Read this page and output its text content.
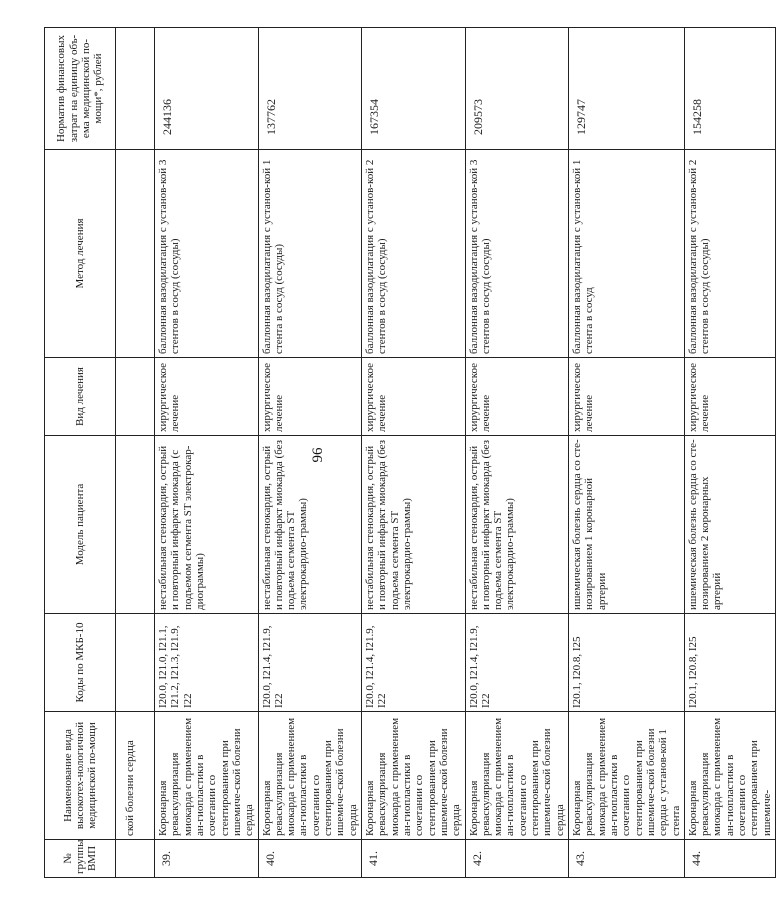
96
№ группы ВМП	Наименование вида высокотех-нологичной медицинской по-мощи	Коды по МКБ-10	Модель пациента	Вид лечения	Метод лечения	Норматив финансовых затрат на единицу объ-ема медицинской по-мощи*, рублей
	ской болезни сердца					
39.	Коронарная реваскуляризация миокарда с применением ан-гиопластики в сочетании со стентированием при ишемиче-ской болезни сердца	I20.0, I21.0, I21.1, I21.2, I21.3, I21.9, I22	нестабильная стенокардия, острый и повторный инфаркт миокарда (с подъемом сегмента ST электрокар-диограммы)	хирургическое лечение	баллонная вазодилатация с установ-кой 3 стентов в сосуд (сосуды)	244136
40.	Коронарная реваскуляризация миокарда с применением ан-гиопластики в сочетании со стентированием при ишемиче-ской болезни сердца	I20.0, I21.4, I21.9, I22	нестабильная стенокардия, острый и повторный инфаркт миокарда (без подъема сегмента ST электрокардио-граммы)	хирургическое лечение	баллонная вазодилатация с установ-кой 1 стента в сосуд (сосуды)	137762
41.	Коронарная реваскуляризация миокарда с применением ан-гиопластики в сочетании со стентированием при ишемиче-ской болезни сердца	I20.0, I21.4, I21.9, I22	нестабильная стенокардия, острый и повторный инфаркт миокарда (без подъема сегмента ST электрокардио-граммы)	хирургическое лечение	баллонная вазодилатация с установ-кой 2 стентов в сосуд (сосуды)	167354
42.	Коронарная реваскуляризация миокарда с применением ан-гиопластики в сочетании со стентированием при ишемиче-ской болезни сердца	I20.0, I21.4, I21.9, I22	нестабильная стенокардия, острый и повторный инфаркт миокарда (без подъема сегмента ST электрокардио-граммы)	хирургическое лечение	баллонная вазодилатация с установ-кой 3 стентов в сосуд (сосуды)	209573
43.	Коронарная реваскуляризация миокарда с применением ан-гиопластики в сочетании со стентированием при ишемиче-ской болезни сердца с установ-кой 1 стента	I20.1, I20.8, I25	ишемическая болезнь сердца со сте-нозированием 1 коронарной артерии	хирургическое лечение	баллонная вазодилатация с установ-кой 1 стента в сосуд	129747
44.	Коронарная реваскуляризация миокарда с применением ан-гиопластики в сочетании со стентированием при ишемиче-	I20.1, I20.8, I25	ишемическая болезнь сердца со сте-нозированием 2 коронарных артерий	хирургическое лечение	баллонная вазодилатация с установ-кой 2 стентов в сосуд (сосуды)	154258
